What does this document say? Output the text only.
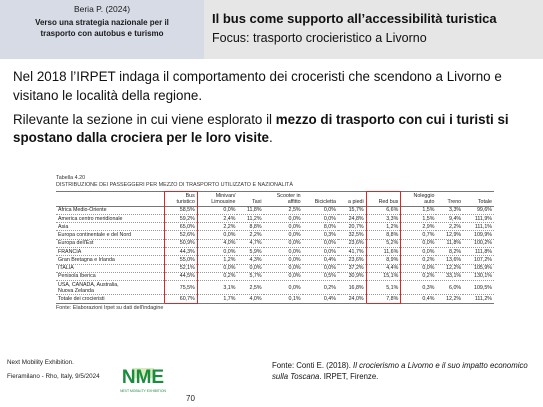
Beria P. (2024)
Verso una strategia nazionale per il
trasporto con autobus e turismo
Il bus come supporto all’accessibilità turistica
Focus: trasporto crocieristico a Livorno

Nel 2018 l’IRPET indaga il comportamento dei croceristi che scendono a Livorno e visitano le località della regione.

Rilevante la sezione in cui viene esplorato il mezzo di trasporto con cui i turisti si spostano dalla crociera per le loro visite.

Tabella 4.20
DISTRIBUZIONE DEI PASSEGGERI PER MEZZO DI TRASPORTO UTILIZZATO E NAZIONALITÀ

	Bus
turistico	Minivan/
Limousine	Taxi	Scooter in
affitto	Bicicletta	a piedi	Red bus	Noleggio
auto	Treno	Totale
Africa Medio-Oriente	58,5%	0,0%	11,8%	2,5%	0,0%	15,7%	6,6%	1,5%	3,3%	99,6%
America centro meridionale	59,2%	2,4%	11,2%	0,0%	0,0%	24,8%	3,3%	1,5%	9,4%	111,9%
Asia	65,0%	2,2%	8,8%	0,0%	8,0%	20,7%	1,2%	2,9%	2,2%	111,1%
Europa continentale e del Nord	52,6%	0,0%	2,2%	0,0%	0,3%	32,5%	8,8%	0,7%	12,9%	109,9%
Europa dell'Est	50,9%	4,0%	4,7%	0,0%	0,0%	23,6%	5,2%	0,0%	11,8%	100,2%
FRANCIA	44,3%	0,0%	5,9%	0,0%	0,0%	41,7%	11,6%	0,0%	8,2%	111,8%
Gran Bretagna e Irlanda	55,0%	1,2%	4,3%	0,0%	0,4%	23,6%	8,9%	0,2%	13,6%	107,2%
ITALIA	52,1%	0,0%	0,0%	0,0%	0,0%	37,2%	4,4%	0,0%	12,2%	105,9%
Penisola Iberica	44,5%	0,2%	5,7%	0,0%	0,5%	30,9%	15,1%	0,2%	33,1%	130,1%
USA, CANADA, Australia,
Nuova Zelanda	75,5%	3,1%	2,5%	0,0%	0,2%	16,8%	5,1%	0,3%	6,0%	109,5%
Totale dei crocieristi	60,7%	1,7%	4,0%	0,1%	0,4%	24,0%	7,8%	0,4%	12,2%	111,2%
Fonte: Elaborazioni Irpet su dati dell'indagine
Next Mobility Exhibition.
Fieramilano - Rho, Italy, 9/5/2024 NME
NEXT MOBILITY EXHIBITION
70
Fonte: Conti E. (2018). Il crocierismo a Livorno e il suo impatto economico sulla Toscana. IRPET, Firenze.
